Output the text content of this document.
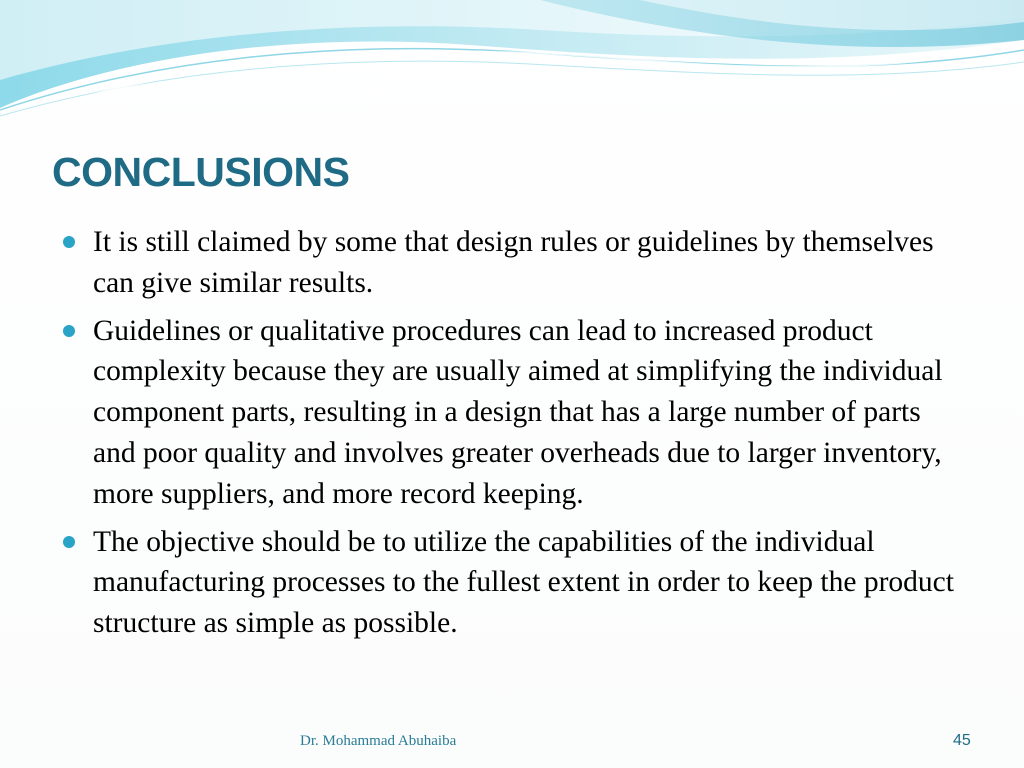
CONCLUSIONS
It is still claimed by some that design rules or guidelines by themselves can give similar results.
Guidelines or qualitative procedures can lead to increased product complexity because they are usually aimed at simplifying the individual component parts, resulting in a design that has a large number of parts and poor quality and involves greater overheads due to larger inventory, more suppliers, and more record keeping.
The objective should be to utilize the capabilities of the individual manufacturing processes to the fullest extent in order to keep the product structure as simple as possible.
Dr. Mohammad Abuhaiba	45
